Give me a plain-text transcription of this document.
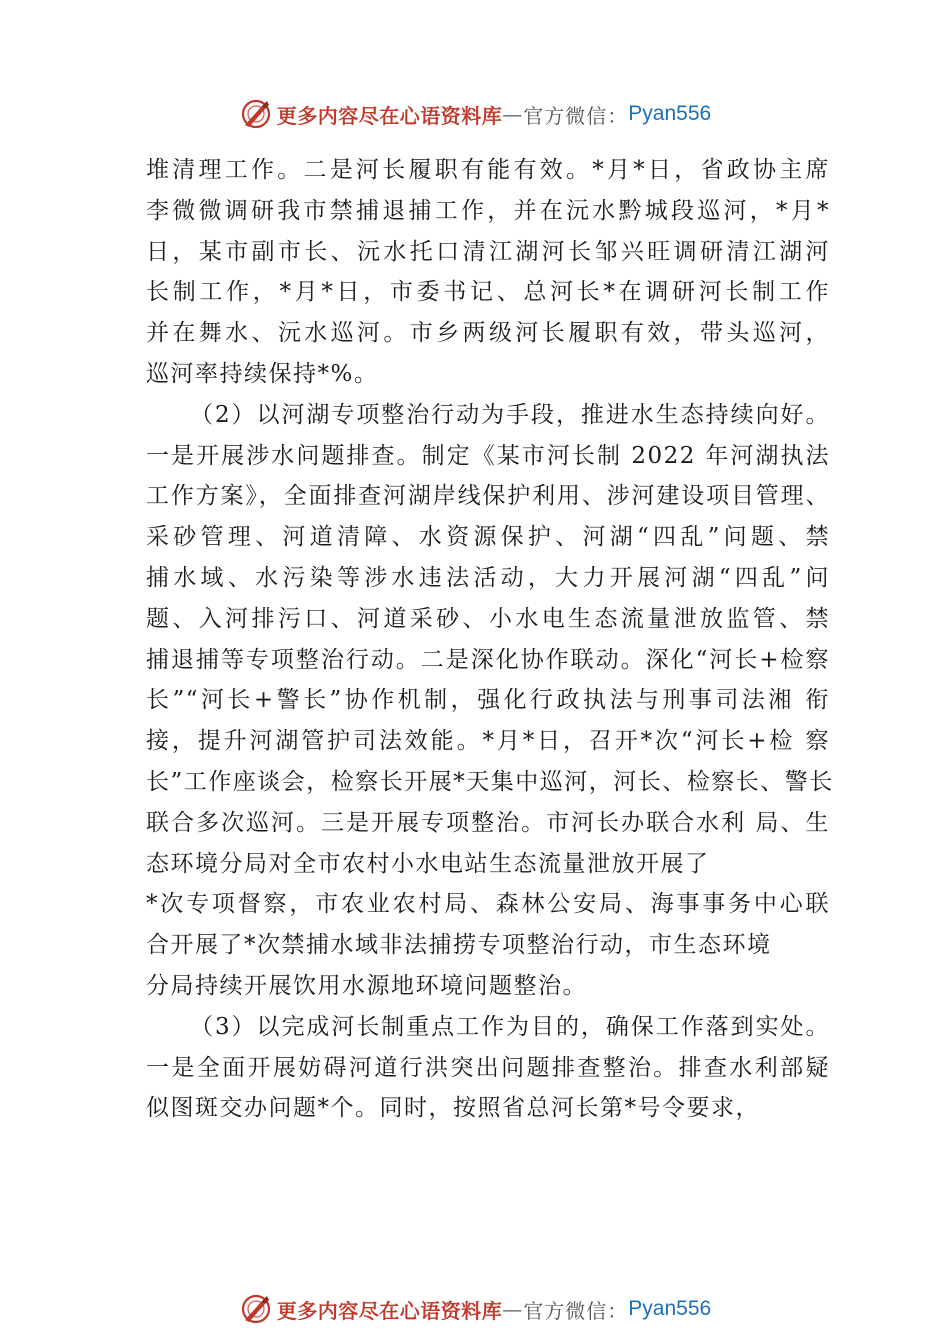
更多内容尽在心语资料库 — 官方微信： Pyan556
堆清理工作。二是河长履职有能有效。*月*日，省政协主席
李微微调研我市禁捕退捕工作，并在沅水黔城段巡河，*月*
日，某市副市长、沅水托口清江湖河长邹兴旺调研清江湖河
长制工作，*月*日，市委书记、总河长*在调研河长制工作
并在舞水、沅水巡河。市乡两级河长履职有效，带头巡河，
巡河率持续保持*%。
（2）以河湖专项整治行动为手段，推进水生态持续向好。
一是开展涉水问题排查。制定《某市河长制 2022 年河湖执法
工作方案》，全面排查河湖岸线保护利用、涉河建设项目管理、
采砂管理、河道清障、水资源保护、河湖“四乱”问题、禁
捕水域、水污染等涉水违法活动，大力开展河湖“四乱”问
题、入河排污口、河道采砂、小水电生态流量泄放监管、禁
捕退捕等专项整治行动。二是深化协作联动。深化“河长+检察
长”“河长+警长”协作机制，强化行政执法与刑事司法湘 衔
接，提升河湖管护司法效能。*月*日，召开*次“河长+检 察
长”工作座谈会，检察长开展*天集中巡河，河长、检察长、警长
联合多次巡河。三是开展专项整治。市河长办联合水利 局、生
态环境分局对全市农村小水电站生态流量泄放开展了
*次专项督察，市农业农村局、森林公安局、海事事务中心联
合开展了*次禁捕水域非法捕捞专项整治行动，市生态环境
分局持续开展饮用水源地环境问题整治。
（3）以完成河长制重点工作为目的，确保工作落到实处。
一是全面开展妨碍河道行洪突出问题排查整治。排查水利部疑
似图斑交办问题*个。同时，按照省总河长第*号令要求，
更多内容尽在心语资料库 — 官方微信： Pyan556
